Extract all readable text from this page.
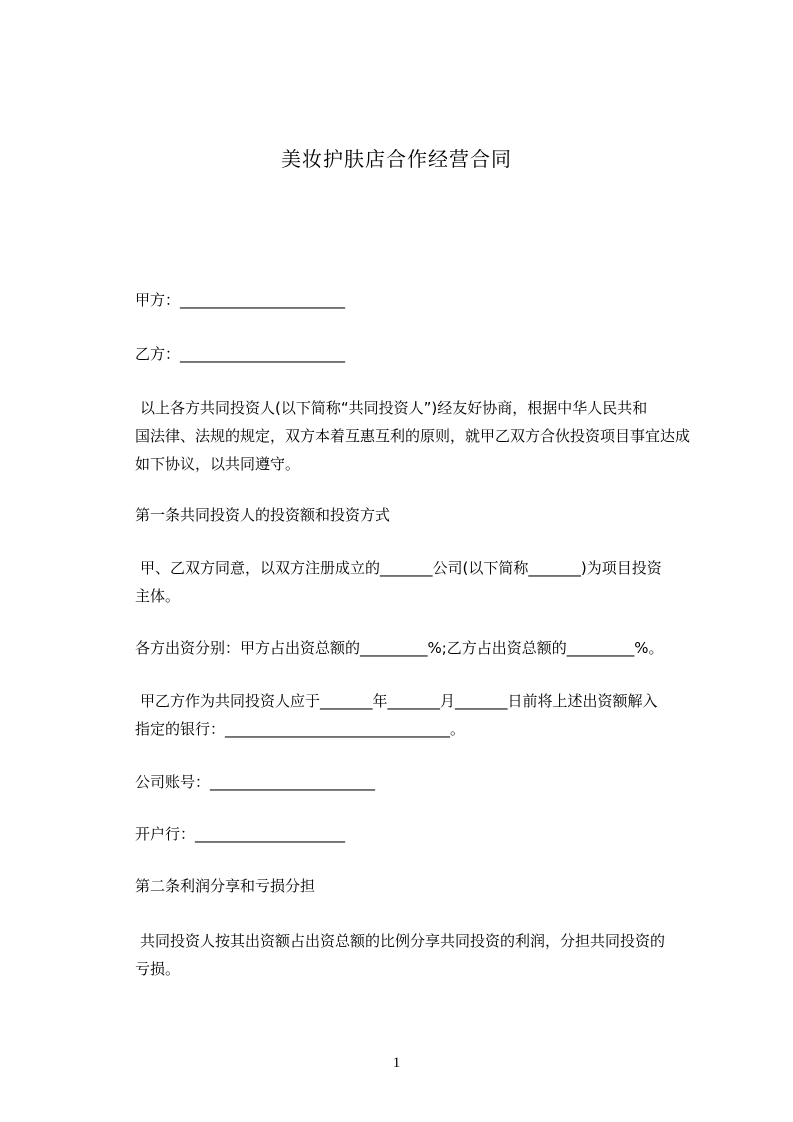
美妆护肤店合作经营合同
甲方：______________________
乙方：______________________
以上各方共同投资人(以下简称“共同投资人”)经友好协商，根据中华人民共和
国法律、法规的规定，双方本着互惠互利的原则，就甲乙双方合伙投资项目事宜达成
如下协议，以共同遵守。
第一条共同投资人的投资额和投资方式
甲、乙双方同意，以双方注册成立的_______公司(以下简称_______)为项目投资
主体。
各方出资分别：甲方占出资总额的_________%;乙方占出资总额的_________%。
甲乙方作为共同投资人应于_______年_______月_______日前将上述出资额解入
指定的银行：______________________________。
公司账号：______________________
开户行：____________________
第二条利润分享和亏损分担
共同投资人按其出资额占出资总额的比例分享共同投资的利润，分担共同投资的
亏损。
1
